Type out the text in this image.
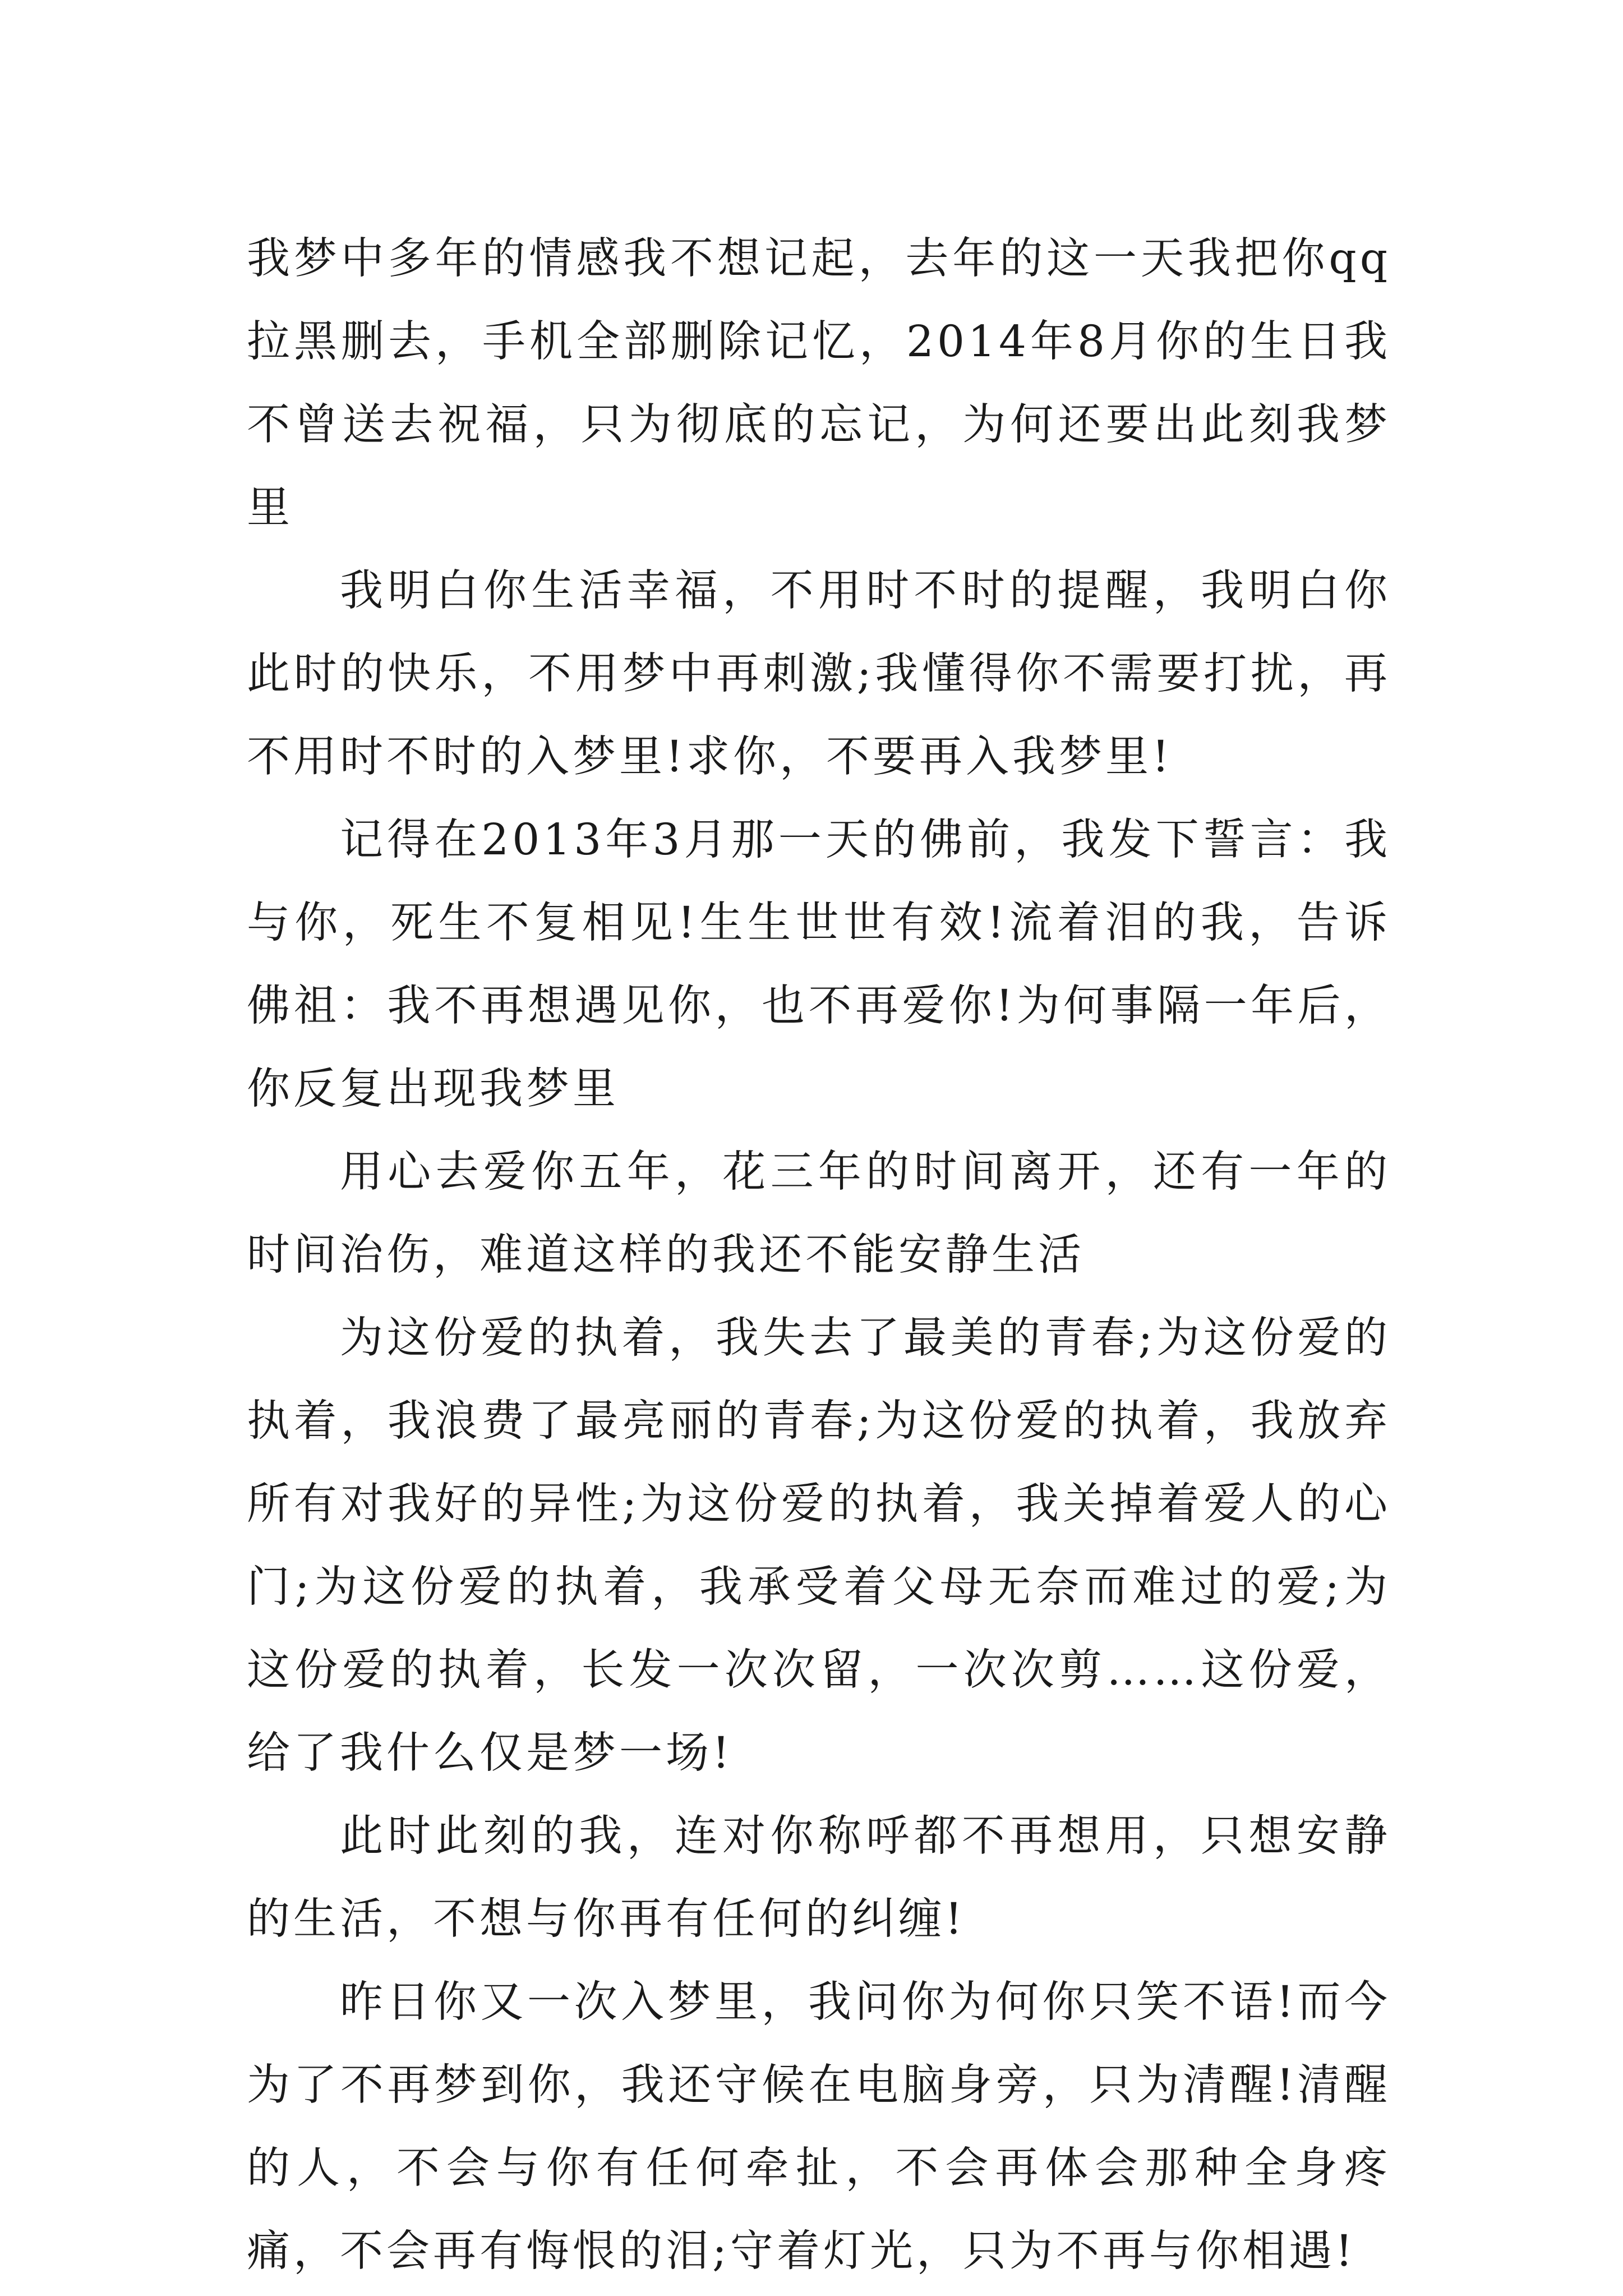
我梦中多年的情感我不想记起，去年的这一天我把你qq拉黑删去，手机全部删除记忆，2014年8月你的生日我不曾送去祝福，只为彻底的忘记，为何还要出此刻我梦里

我明白你生活幸福，不用时不时的提醒，我明白你此时的快乐，不用梦中再刺激;我懂得你不需要打扰，再不用时不时的入梦里!求你，不要再入我梦里!

记得在2013年3月那一天的佛前，我发下誓言：我与你，死生不复相见!生生世世有效!流着泪的我，告诉佛祖：我不再想遇见你，也不再爱你!为何事隔一年后，你反复出现我梦里

用心去爱你五年，花三年的时间离开，还有一年的时间治伤，难道这样的我还不能安静生活

为这份爱的执着，我失去了最美的青春;为这份爱的执着，我浪费了最亮丽的青春;为这份爱的执着，我放弃所有对我好的异性;为这份爱的执着，我关掉着爱人的心门;为这份爱的执着，我承受着父母无奈而难过的爱;为这份爱的执着，长发一次次留，一次次剪……这份爱，给了我什么仅是梦一场!

此时此刻的我，连对你称呼都不再想用，只想安静的生活，不想与你再有任何的纠缠!

昨日你又一次入梦里，我问你为何你只笑不语!而今为了不再梦到你，我还守候在电脑身旁，只为清醒!清醒的人，不会与你有任何牵扯，不会再体会那种全身疼痛，不会再有悔恨的泪;守着灯光，只为不再与你相遇!
